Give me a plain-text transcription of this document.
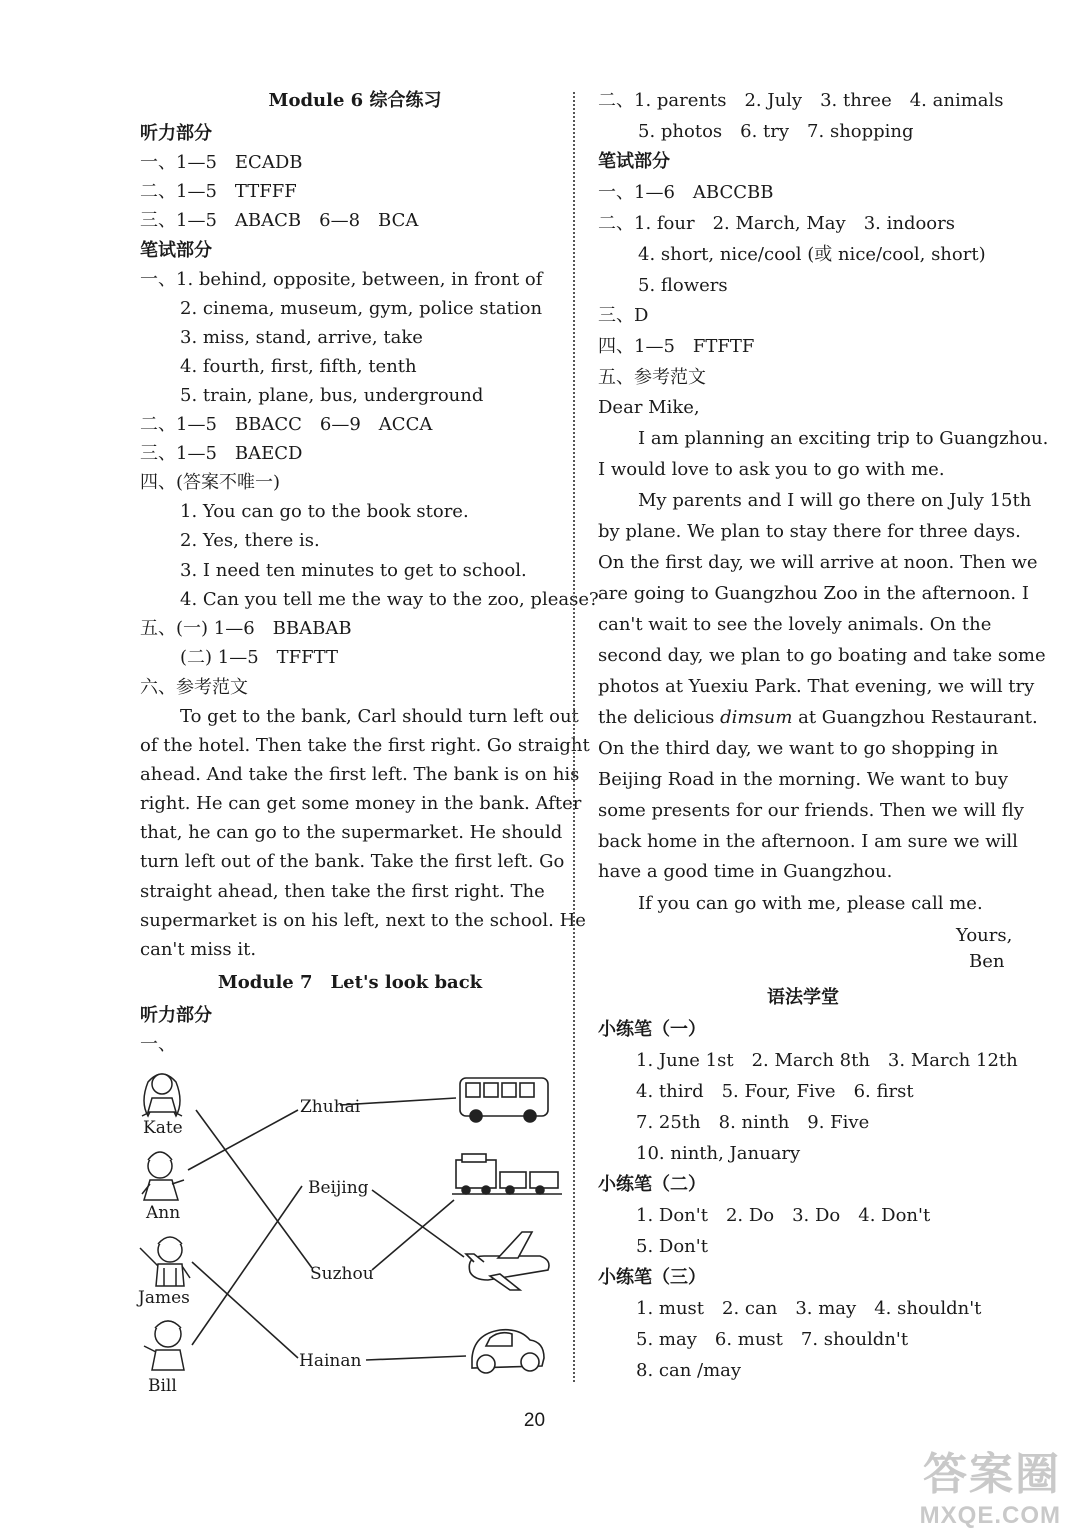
Module 6 综合练习
听力部分
一、1—5　ECADB
二、1—5　TTFFF
三、1—5　ABACB　6—8　BCA
笔试部分
一、1. behind, opposite, between, in front of
2. cinema, museum, gym, police station
3. miss, stand, arrive, take
4. fourth, first, fifth, tenth
5. train, plane, bus, underground
二、1—5　BBACC　6—9　ACCA
三、1—5　BAECD
四、(答案不唯一)
1. You can go to the book store.
2. Yes, there is.
3. I need ten minutes to get to school.
4. Can you tell me the way to the zoo, please?
五、(一) 1—6　BBABAB
(二) 1—5　TFFTT
六、参考范文
To get to the bank, Carl should turn left out
of the hotel. Then take the first right. Go straight
ahead. And take the first left. The bank is on his
right. He can get some money in the bank. After
that, he can go to the supermarket. He should
turn left out of the bank. Take the first left. Go
straight ahead, then take the first right. The
supermarket is on his left, next to the school. He
can't miss it.
Module 7　Let's look back
听力部分
一、
Kate
Ann
James
Bill
Zhuhai
Beijing
Suzhou
Hainan
二、1. parents　2. July　3. three　4. animals
5. photos　6. try　7. shopping
笔试部分
一、1—6　ABCCBB
二、1. four　2. March, May　3. indoors
4. short, nice/cool (或 nice/cool, short)
5. flowers
三、D
四、1—5　FTFTF
五、参考范文
Dear Mike,
I am planning an exciting trip to Guangzhou.
I would love to ask you to go with me.
My parents and I will go there on July 15th
by plane. We plan to stay there for three days.
On the first day, we will arrive at noon. Then we
are going to Guangzhou Zoo in the afternoon. I
can't wait to see the lovely animals. On the
second day, we plan to go boating and take some
photos at Yuexiu Park. That evening, we will try
the delicious dimsum at Guangzhou Restaurant.
On the third day, we want to go shopping in
Beijing Road in the morning. We want to buy
some presents for our friends. Then we will fly
back home in the afternoon. I am sure we will
have a good time in Guangzhou.
If you can go with me, please call me.
Yours,
Ben
语法学堂
小练笔（一）
1. June 1st　2. March 8th　3. March 12th
4. third　5. Four, Five　6. first
7. 25th　8. ninth　9. Five
10. ninth, January
小练笔（二）
1. Don't　2. Do　3. Do　4. Don't
5. Don't
小练笔（三）
1. must　2. can　3. may　4. shouldn't
5. may　6. must　7. shouldn't
8. can /may
20
答案圈
MXQE.COM
